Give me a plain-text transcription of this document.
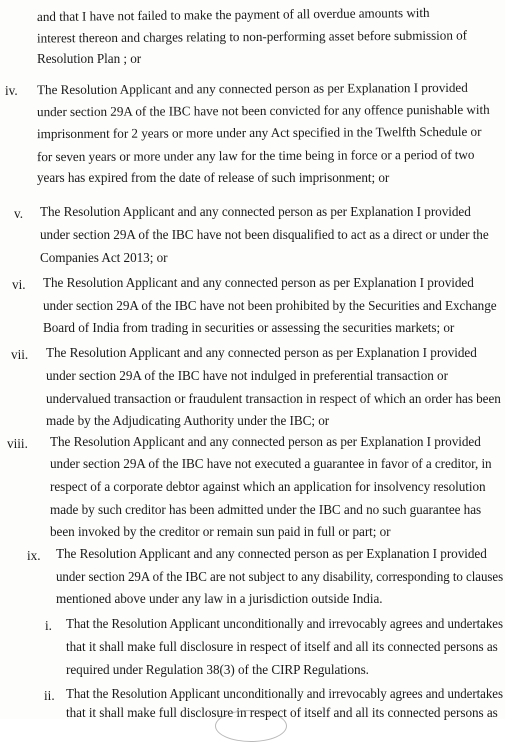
and that I have not failed to make the payment of all overdue amounts with
interest thereon and charges relating to non-performing asset before submission of
Resolution Plan ; or
iv. The Resolution Applicant and any connected person as per Explanation I provided
under section 29A of the IBC have not been convicted for any offence punishable with
imprisonment for 2 years or more under any Act specified in the Twelfth Schedule or
for seven years or more under any law for the time being in force or a period of two
years has expired from the date of release of such imprisonment; or
v. The Resolution Applicant and any connected person as per Explanation I provided
under section 29A of the IBC have not been disqualified to act as a direct or under the
Companies Act 2013; or
vi. The Resolution Applicant and any connected person as per Explanation I provided
under section 29A of the IBC have not been prohibited by the Securities and Exchange
Board of India from trading in securities or assessing the securities markets; or
vii. The Resolution Applicant and any connected person as per Explanation I provided
under section 29A of the IBC have not indulged in preferential transaction or
undervalued transaction or fraudulent transaction in respect of which an order has been
made by the Adjudicating Authority under the IBC; or
viii. The Resolution Applicant and any connected person as per Explanation I provided
under section 29A of the IBC have not executed a guarantee in favor of a creditor, in
respect of a corporate debtor against which an application for insolvency resolution
made by such creditor has been admitted under the IBC and no such guarantee has
been invoked by the creditor or remain sun paid in full or part; or
ix. The Resolution Applicant and any connected person as per Explanation I provided
under section 29A of the IBC are not subject to any disability, corresponding to clauses
mentioned above under any law in a jurisdiction outside India.
i. That the Resolution Applicant unconditionally and irrevocably agrees and undertakes
that it shall make full disclosure in respect of itself and all its connected persons as
required under Regulation 38(3) of the CIRP Regulations.
ii. That the Resolution Applicant unconditionally and irrevocably agrees and undertakes
that it shall make full disclosure in respect of itself and all its connected persons as
